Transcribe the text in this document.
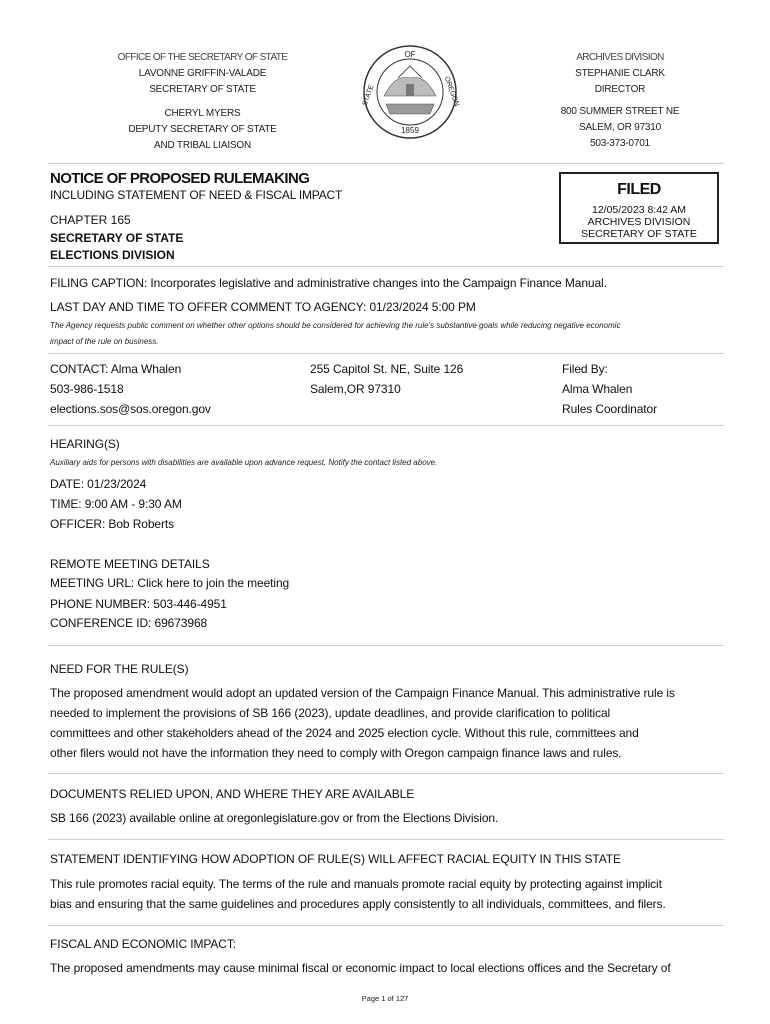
OFFICE OF THE SECRETARY OF STATE
LAVONNE GRIFFIN-VALADE
SECRETARY OF STATE
CHERYL MYERS
DEPUTY SECRETARY OF STATE
AND TRIBAL LIAISON
OF
STATE	OREGON
1859
ARCHIVES DIVISION
STEPHANIE CLARK
DIRECTOR
800 SUMMER STREET NE
SALEM, OR 97310
503-373-0701
NOTICE OF PROPOSED RULEMAKING
INCLUDING STATEMENT OF NEED & FISCAL IMPACT
CHAPTER 165
SECRETARY OF STATE
ELECTIONS DIVISION
FILED
12/05/2023 8:42 AM
ARCHIVES DIVISION
SECRETARY OF STATE
FILING CAPTION: Incorporates legislative and administrative changes into the Campaign Finance Manual.
LAST DAY AND TIME TO OFFER COMMENT TO AGENCY: 01/23/2024 5:00 PM
The Agency requests public comment on whether other options should be considered for achieving the rule's substantive goals while reducing negative economic
impact of the rule on business.
CONTACT: Alma Whalen
503-986-1518
elections.sos@sos.oregon.gov
255 Capitol St. NE, Suite 126
Salem,OR 97310
Filed By:
Alma Whalen
Rules Coordinator
HEARING(S)
Auxiliary aids for persons with disabilities are available upon advance request. Notify the contact listed above.
DATE: 01/23/2024
TIME: 9:00 AM - 9:30 AM
OFFICER: Bob Roberts
REMOTE MEETING DETAILS
MEETING URL: Click here to join the meeting
PHONE NUMBER: 503-446-4951
CONFERENCE ID: 69673968
NEED FOR THE RULE(S)
The proposed amendment would adopt an updated version of the Campaign Finance Manual. This administrative rule is
needed to implement the provisions of SB 166 (2023), update deadlines, and provide clarification to political
committees and other stakeholders ahead of the 2024 and 2025 election cycle. Without this rule, committees and
other filers would not have the information they need to comply with Oregon campaign finance laws and rules.
DOCUMENTS RELIED UPON, AND WHERE THEY ARE AVAILABLE
SB 166 (2023) available online at oregonlegislature.gov or from the Elections Division.
STATEMENT IDENTIFYING HOW ADOPTION OF RULE(S) WILL AFFECT RACIAL EQUITY IN THIS STATE
This rule promotes racial equity. The terms of the rule and manuals promote racial equity by protecting against implicit
bias and ensuring that the same guidelines and procedures apply consistently to all individuals, committees, and filers.
FISCAL AND ECONOMIC IMPACT:
The proposed amendments may cause minimal fiscal or economic impact to local elections offices and the Secretary of
Page 1 of 127
